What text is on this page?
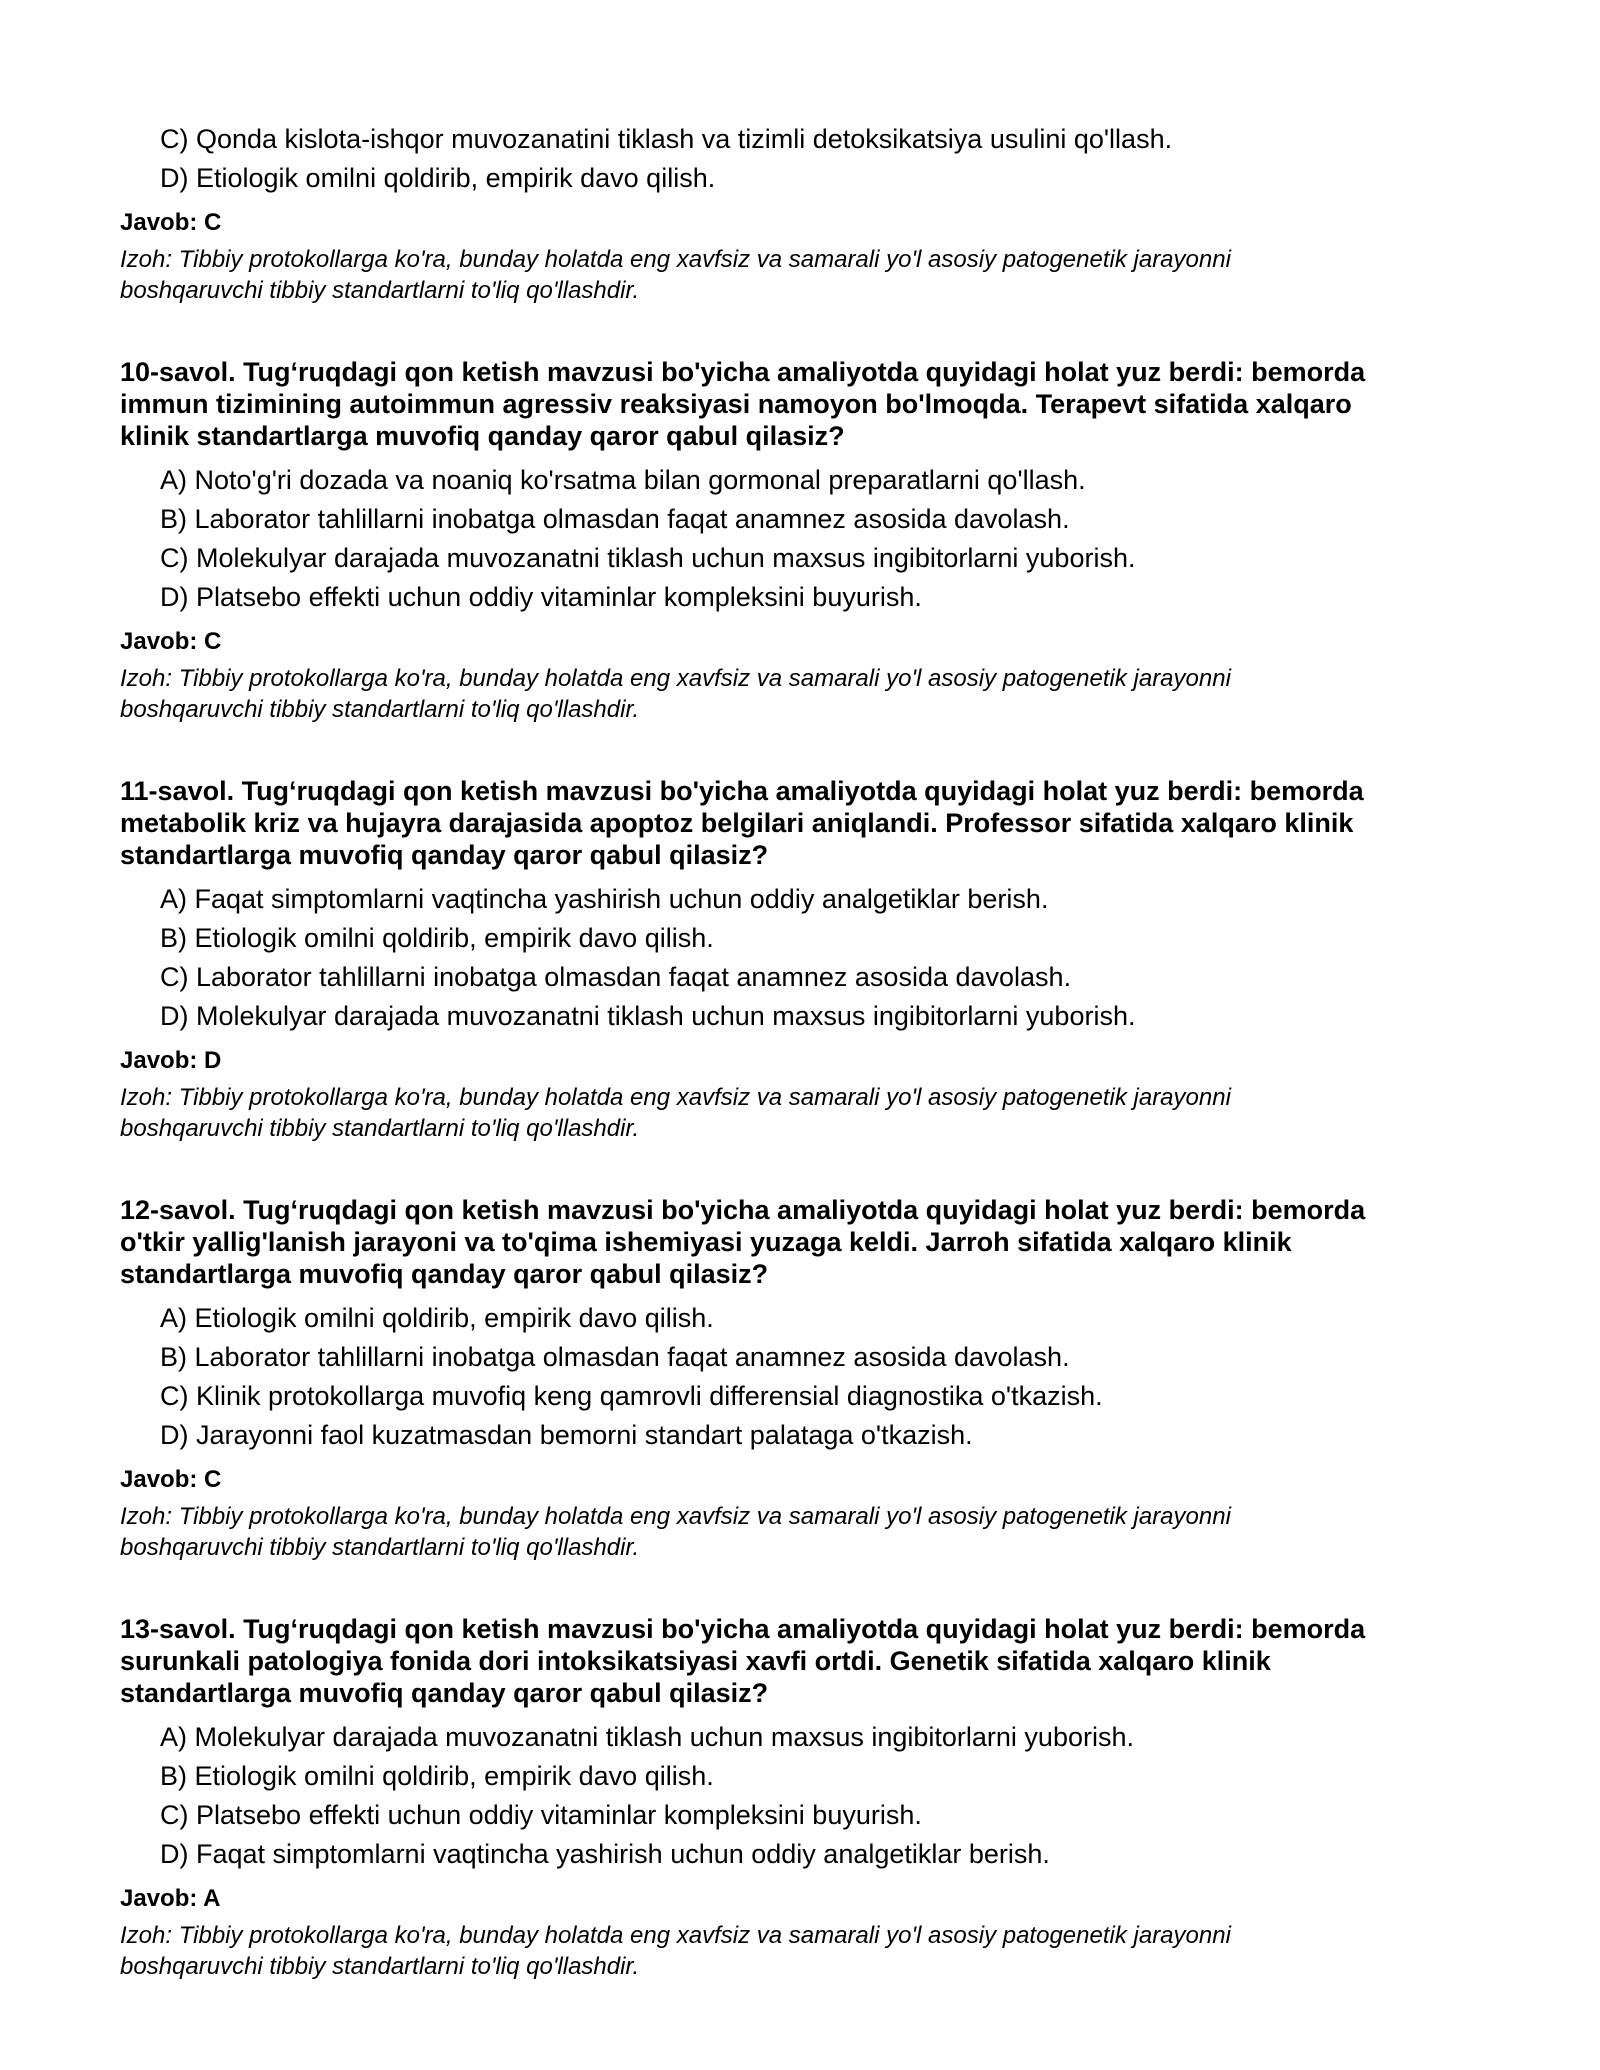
C) Qonda kislota-ishqor muvozanatini tiklash va tizimli detoksikatsiya usulini qo'llash.
D) Etiologik omilni qoldirib, empirik davo qilish.
Javob: C
Izoh: Tibbiy protokollarga ko'ra, bunday holatda eng xavfsiz va samarali yo'l asosiy patogenetik jarayonni
boshqaruvchi tibbiy standartlarni to'liq qo'llashdir.
10-savol. Tug‘ruqdagi qon ketish mavzusi bo'yicha amaliyotda quyidagi holat yuz berdi: bemorda
immun tizimining autoimmun agressiv reaksiyasi namoyon bo'lmoqda. Terapevt sifatida xalqaro
klinik standartlarga muvofiq qanday qaror qabul qilasiz?
A) Noto'g'ri dozada va noaniq ko'rsatma bilan gormonal preparatlarni qo'llash.
B) Laborator tahlillarni inobatga olmasdan faqat anamnez asosida davolash.
C) Molekulyar darajada muvozanatni tiklash uchun maxsus ingibitorlarni yuborish.
D) Platsebo effekti uchun oddiy vitaminlar kompleksini buyurish.
Javob: C
Izoh: Tibbiy protokollarga ko'ra, bunday holatda eng xavfsiz va samarali yo'l asosiy patogenetik jarayonni
boshqaruvchi tibbiy standartlarni to'liq qo'llashdir.
11-savol. Tug‘ruqdagi qon ketish mavzusi bo'yicha amaliyotda quyidagi holat yuz berdi: bemorda
metabolik kriz va hujayra darajasida apoptoz belgilari aniqlandi. Professor sifatida xalqaro klinik
standartlarga muvofiq qanday qaror qabul qilasiz?
A) Faqat simptomlarni vaqtincha yashirish uchun oddiy analgetiklar berish.
B) Etiologik omilni qoldirib, empirik davo qilish.
C) Laborator tahlillarni inobatga olmasdan faqat anamnez asosida davolash.
D) Molekulyar darajada muvozanatni tiklash uchun maxsus ingibitorlarni yuborish.
Javob: D
Izoh: Tibbiy protokollarga ko'ra, bunday holatda eng xavfsiz va samarali yo'l asosiy patogenetik jarayonni
boshqaruvchi tibbiy standartlarni to'liq qo'llashdir.
12-savol. Tug‘ruqdagi qon ketish mavzusi bo'yicha amaliyotda quyidagi holat yuz berdi: bemorda
o'tkir yallig'lanish jarayoni va to'qima ishemiyasi yuzaga keldi. Jarroh sifatida xalqaro klinik
standartlarga muvofiq qanday qaror qabul qilasiz?
A) Etiologik omilni qoldirib, empirik davo qilish.
B) Laborator tahlillarni inobatga olmasdan faqat anamnez asosida davolash.
C) Klinik protokollarga muvofiq keng qamrovli differensial diagnostika o'tkazish.
D) Jarayonni faol kuzatmasdan bemorni standart palataga o'tkazish.
Javob: C
Izoh: Tibbiy protokollarga ko'ra, bunday holatda eng xavfsiz va samarali yo'l asosiy patogenetik jarayonni
boshqaruvchi tibbiy standartlarni to'liq qo'llashdir.
13-savol. Tug‘ruqdagi qon ketish mavzusi bo'yicha amaliyotda quyidagi holat yuz berdi: bemorda
surunkali patologiya fonida dori intoksikatsiyasi xavfi ortdi. Genetik sifatida xalqaro klinik
standartlarga muvofiq qanday qaror qabul qilasiz?
A) Molekulyar darajada muvozanatni tiklash uchun maxsus ingibitorlarni yuborish.
B) Etiologik omilni qoldirib, empirik davo qilish.
C) Platsebo effekti uchun oddiy vitaminlar kompleksini buyurish.
D) Faqat simptomlarni vaqtincha yashirish uchun oddiy analgetiklar berish.
Javob: A
Izoh: Tibbiy protokollarga ko'ra, bunday holatda eng xavfsiz va samarali yo'l asosiy patogenetik jarayonni
boshqaruvchi tibbiy standartlarni to'liq qo'llashdir.
